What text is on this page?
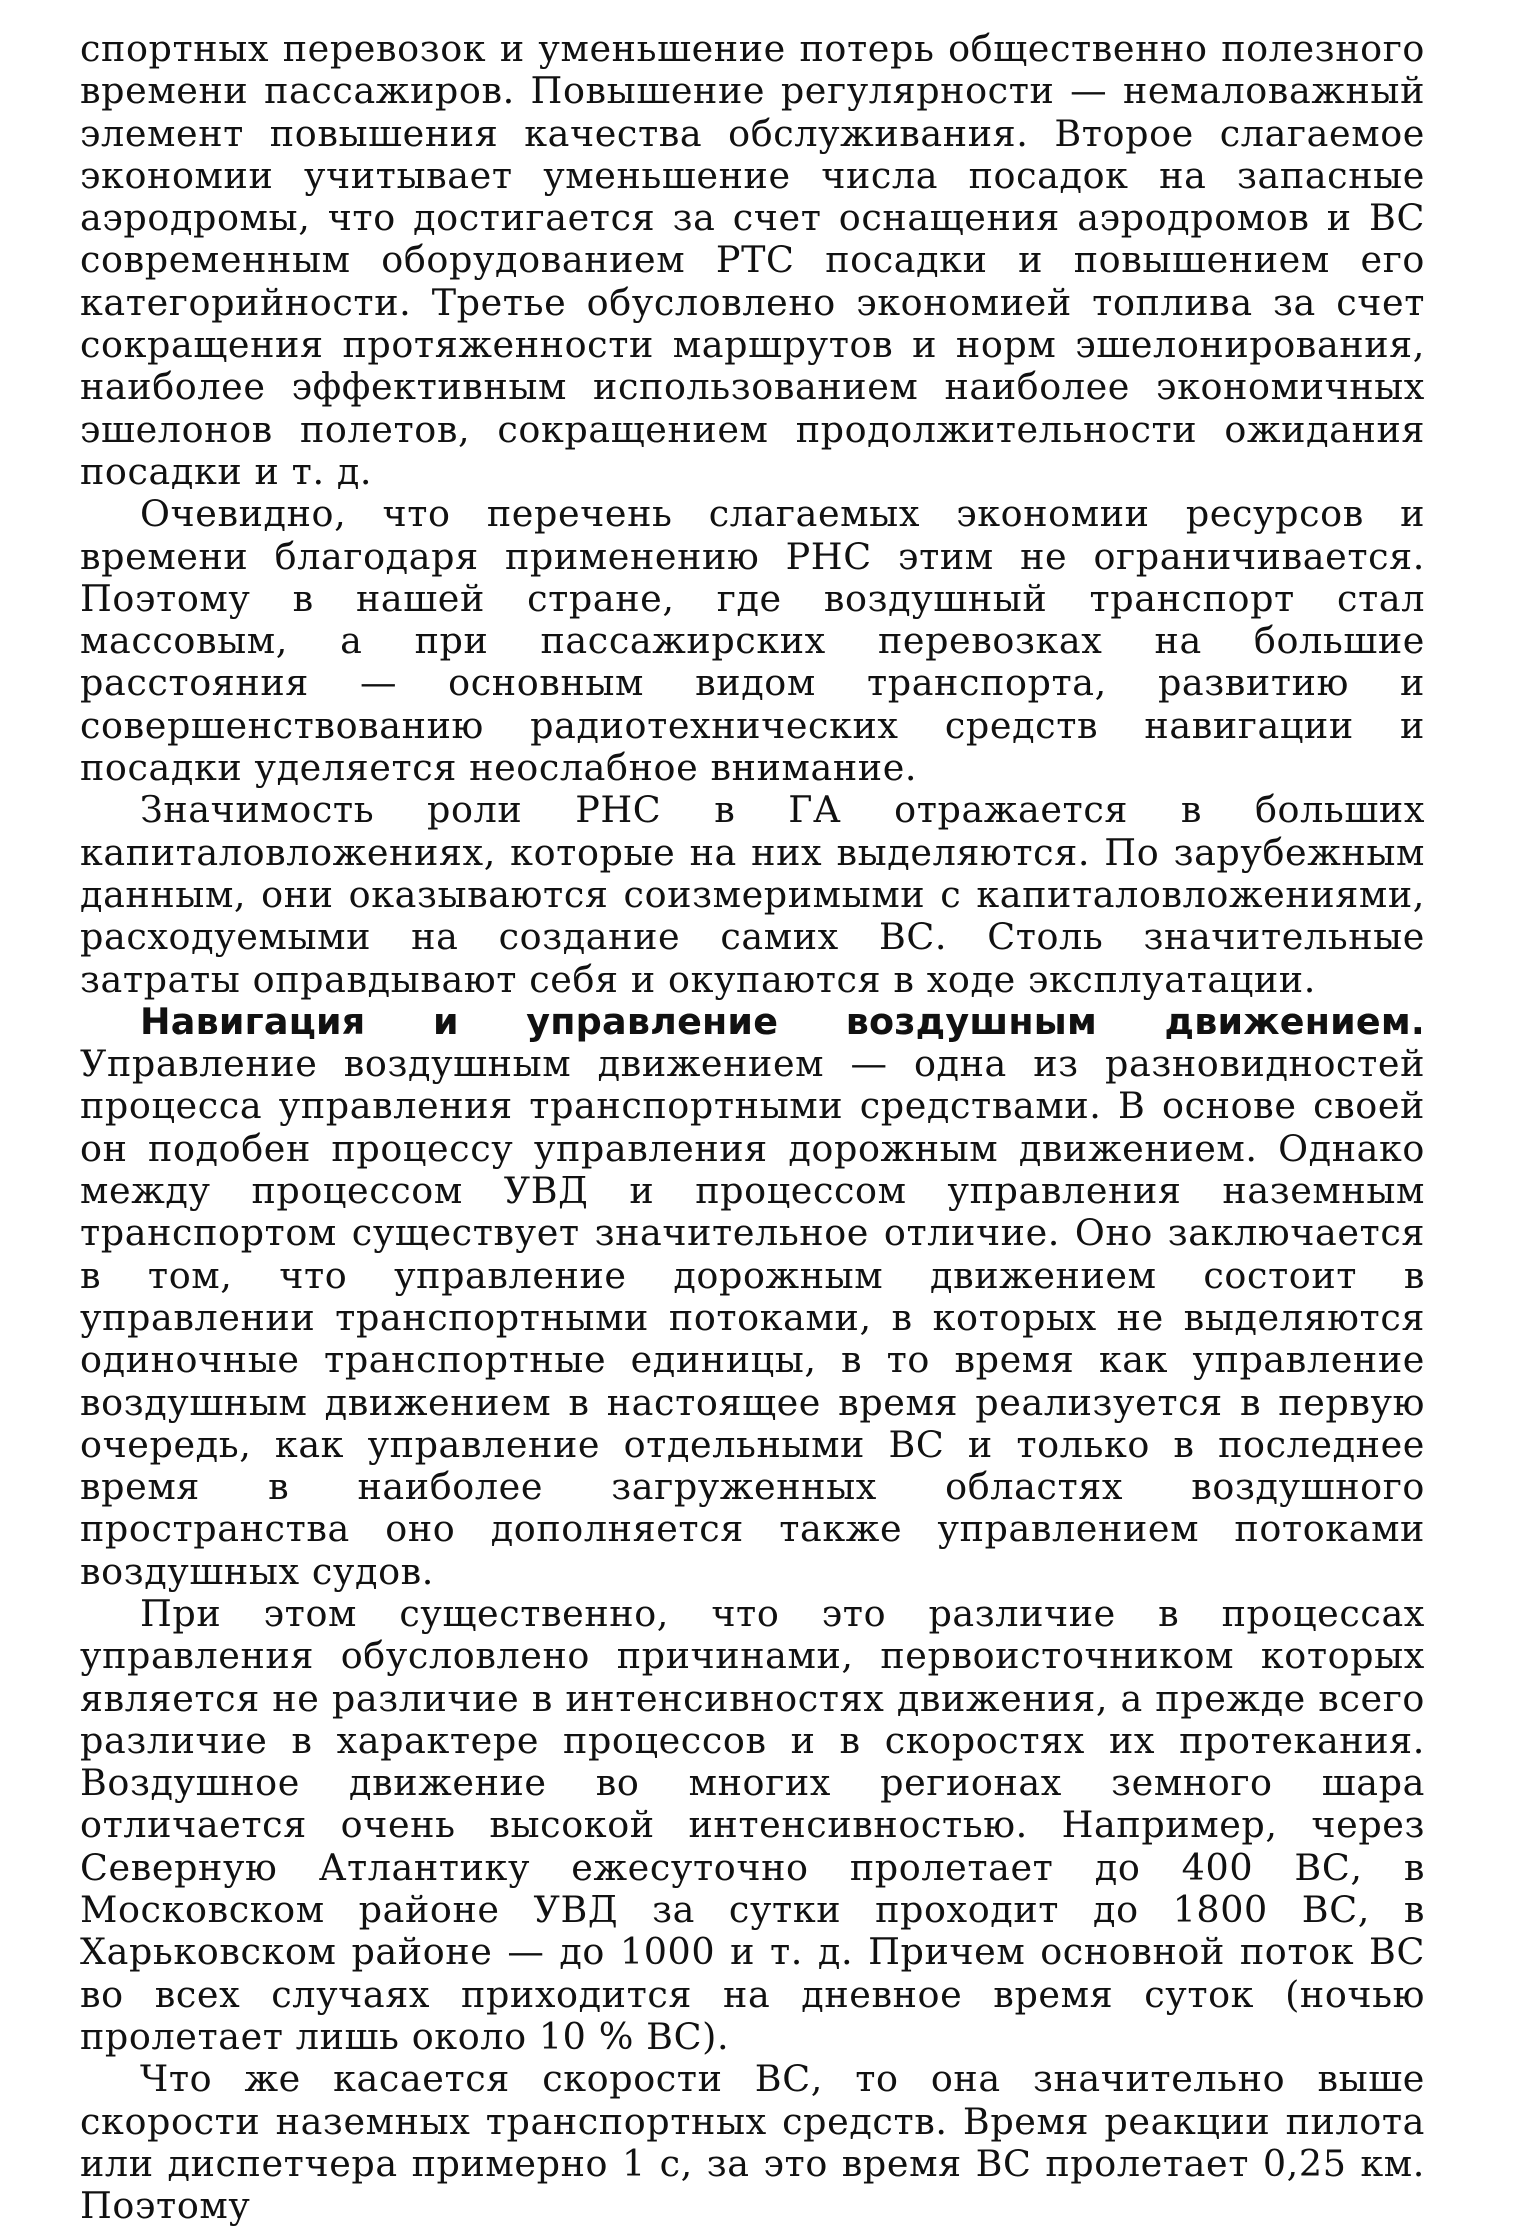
спортных перевозок и уменьшение потерь общественно полезного времени пассажиров. Повышение регулярности — немаловажный элемент повышения качества обслуживания. Второе слагаемое экономии учитывает уменьшение числа посадок на запасные аэродромы, что достигается за счет оснащения аэродромов и ВС современным оборудованием РТС посадки и повышением его категорийности. Третье обусловлено экономией топлива за счет сокращения протяженности маршрутов и норм эшелонирования, наиболее эффективным использованием наиболее экономичных эшелонов полетов, сокращением продолжительности ожидания посадки и т. д.

Очевидно, что перечень слагаемых экономии ресурсов и времени благодаря применению РНС этим не ограничивается. Поэтому в нашей стране, где воздушный транспорт стал массовым, а при пассажирских перевозках на большие расстояния — основным видом транспорта, развитию и совершенствованию радиотехнических средств навигации и посадки уделяется неослабное внимание.

Значимость роли РНС в ГА отражается в больших капиталовложениях, которые на них выделяются. По зарубежным данным, они оказываются соизмеримыми с капиталовложениями, расходуемыми на создание самих ВС. Столь значительные затраты оправдывают себя и окупаются в ходе эксплуатации.

Навигация и управление воздушным движением. Управление воздушным движением — одна из разновидностей процесса управления транспортными средствами. В основе своей он подобен процессу управления дорожным движением. Однако между процессом УВД и процессом управления наземным транспортом существует значительное отличие. Оно заключается в том, что управление дорожным движением состоит в управлении транспортными потоками, в которых не выделяются одиночные транспортные единицы, в то время как управление воздушным движением в настоящее время реализуется в первую очередь, как управление отдельными ВС и только в последнее время в наиболее загруженных областях воздушного пространства оно дополняется также управлением потоками воздушных судов.

При этом существенно, что это различие в процессах управления обусловлено причинами, первоисточником которых является не различие в интенсивностях движения, а прежде всего различие в характере процессов и в скоростях их протекания. Воздушное движение во многих регионах земного шара отличается очень высокой интенсивностью. Например, через Северную Атлантику ежесуточно пролетает до 400 ВС, в Московском районе УВД за сутки проходит до 1800 ВС, в Харьковском районе — до 1000 и т. д. Причем основной поток ВС во всех случаях приходится на дневное время суток (ночью пролетает лишь около 10 % ВС).

Что же касается скорости ВС, то она значительно выше скорости наземных транспортных средств. Время реакции пилота или диспетчера примерно 1 с, за это время ВС пролетает 0,25 км. Поэтому
